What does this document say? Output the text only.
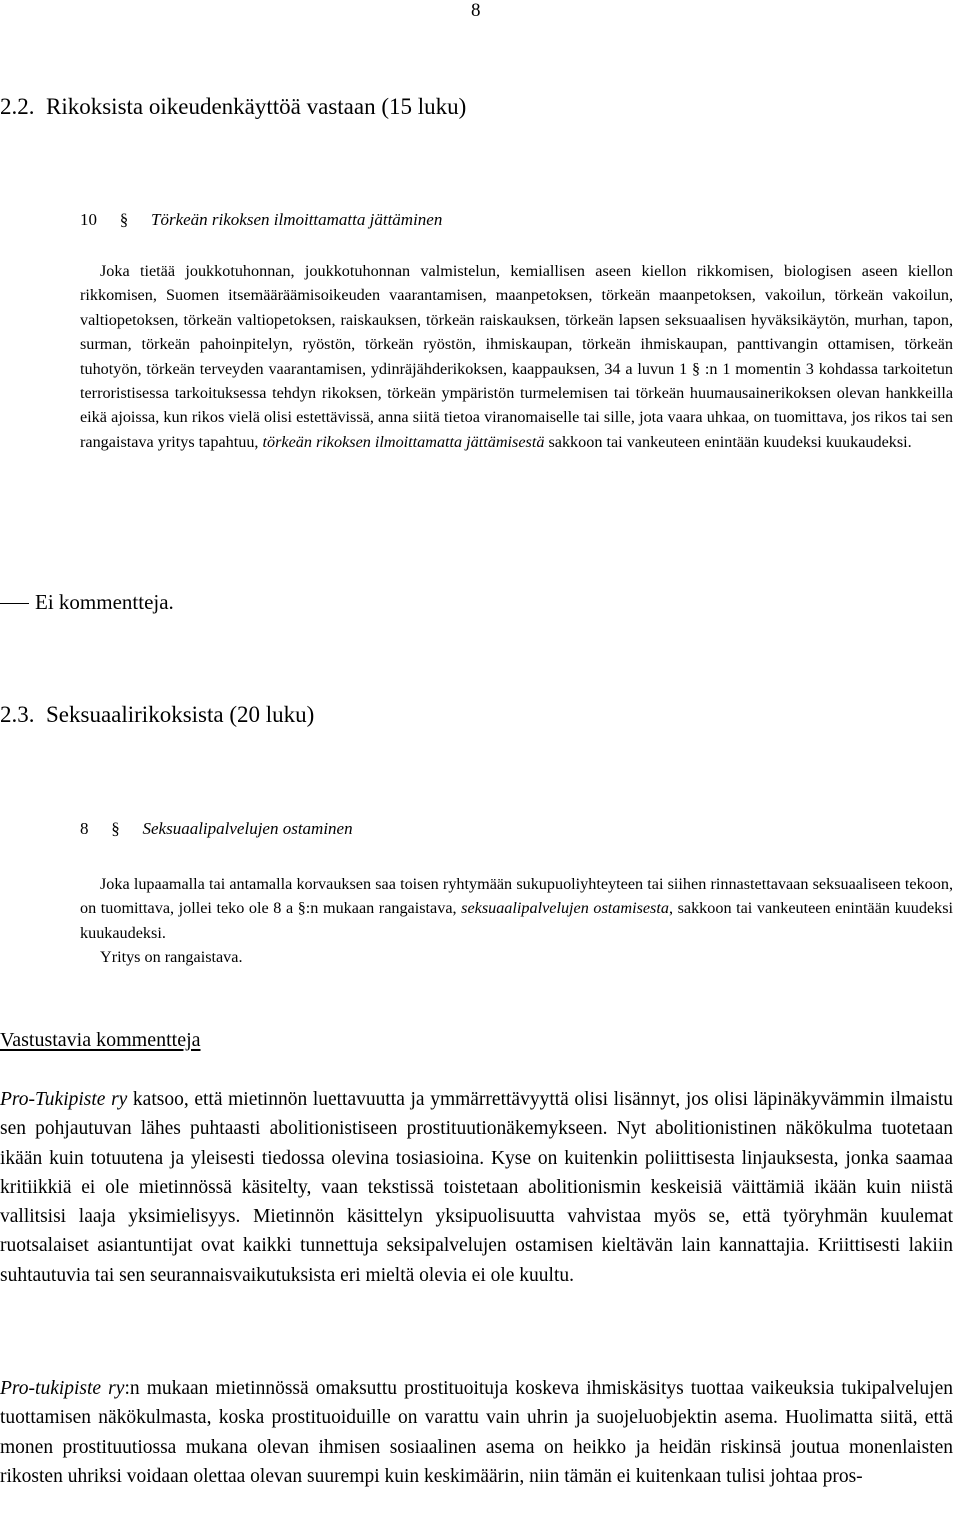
8
2.2. Rikoksista oikeudenkäyttöä vastaan (15 luku)
10 § Törkeän rikoksen ilmoittamatta jättäminen

Joka tietää joukkotuhonnan, joukkotuhonnan valmistelun, kemiallisen aseen kiellon rikkomisen, biologisen aseen kiellon rikkomisen, Suomen itsemääräämisoikeuden vaarantamisen, maanpetoksen, törkeän maanpetoksen, vakoilun, törkeän vakoilun, valtiopetoksen, törkeän valtiopetoksen, raiskauksen, törkeän raiskauksen, törkeän lapsen seksuaalisen hyväksikäytön, murhan, tapon, surman, törkeän pahoinpitelyn, ryöstön, törkeän ryöstön, ihmiskaupan, törkeän ihmiskaupan, panttivangin ottamisen, törkeän tuhotyön, törkeän terveyden vaarantamisen, ydinräjähderikoksen, kaappauksen, 34 a luvun 1 § :n 1 momentin 3 kohdassa tarkoitetun terroristisessa tarkoituksessa tehdyn rikoksen, törkeän ympäristön turmelemisen tai törkeän huumausainerikoksen olevan hankkeilla eikä ajoissa, kun rikos vielä olisi estettävissä, anna siitä tietoa viranomaiselle tai sille, jota vaara uhkaa, on tuomittava, jos rikos tai sen rangaistava yritys tapahtuu, törkeän rikoksen ilmoittamatta jättämisestä sakkoon tai vankeuteen enintään kuudeksi kuukaudeksi.

Ei kommentteja.
2.3. Seksuaalirikoksista (20 luku)
8 § Seksuaalipalvelujen ostaminen

Joka lupaamalla tai antamalla korvauksen saa toisen ryhtymään sukupuoliyhteyteen tai siihen rinnastettavaan seksuaaliseen tekoon, on tuomittava, jollei teko ole 8 a §:n mukaan rangaistava, seksuaalipalvelujen ostamisesta, sakkoon tai vankeuteen enintään kuudeksi kuukaudeksi.

Yritys on rangaistava.

Vastustavia kommentteja

Pro-Tukipiste ry katsoo, että mietinnön luettavuutta ja ymmärrettävyyttä olisi lisännyt, jos olisi läpinäkyvämmin ilmaistu sen pohjautuvan lähes puhtaasti abolitionistiseen prostituutionäkemykseen. Nyt abolitionistinen näkökulma tuotetaan ikään kuin totuutena ja yleisesti tiedossa olevina tosiasioina. Kyse on kuitenkin poliittisesta linjauksesta, jonka saamaa kritiikkiä ei ole mietinnössä käsitelty, vaan tekstissä toistetaan abolitionismin keskeisiä väittämiä ikään kuin niistä vallitsisi laaja yksimielisyys. Mietinnön käsittelyn yksipuolisuutta vahvistaa myös se, että työryhmän kuulemat ruotsalaiset asiantuntijat ovat kaikki tunnettuja seksipalvelujen ostamisen kieltävän lain kannattajia. Kriittisesti lakiin suhtautuvia tai sen seurannaisvaikutuksista eri mieltä olevia ei ole kuultu.

Pro-tukipiste ry:n mukaan mietinnössä omaksuttu prostituoituja koskeva ihmiskäsitys tuottaa vaikeuksia tukipalvelujen tuottamisen näkökulmasta, koska prostituoiduille on varattu vain uhrin ja suojeluobjektin asema. Huolimatta siitä, että monen prostituutiossa mukana olevan ihmisen sosiaalinen asema on heikko ja heidän riskinsä joutua monenlaisten rikosten uhriksi voidaan olettaa olevan suurempi kuin keskimäärin, niin tämän ei kuitenkaan tulisi johtaa pros-
